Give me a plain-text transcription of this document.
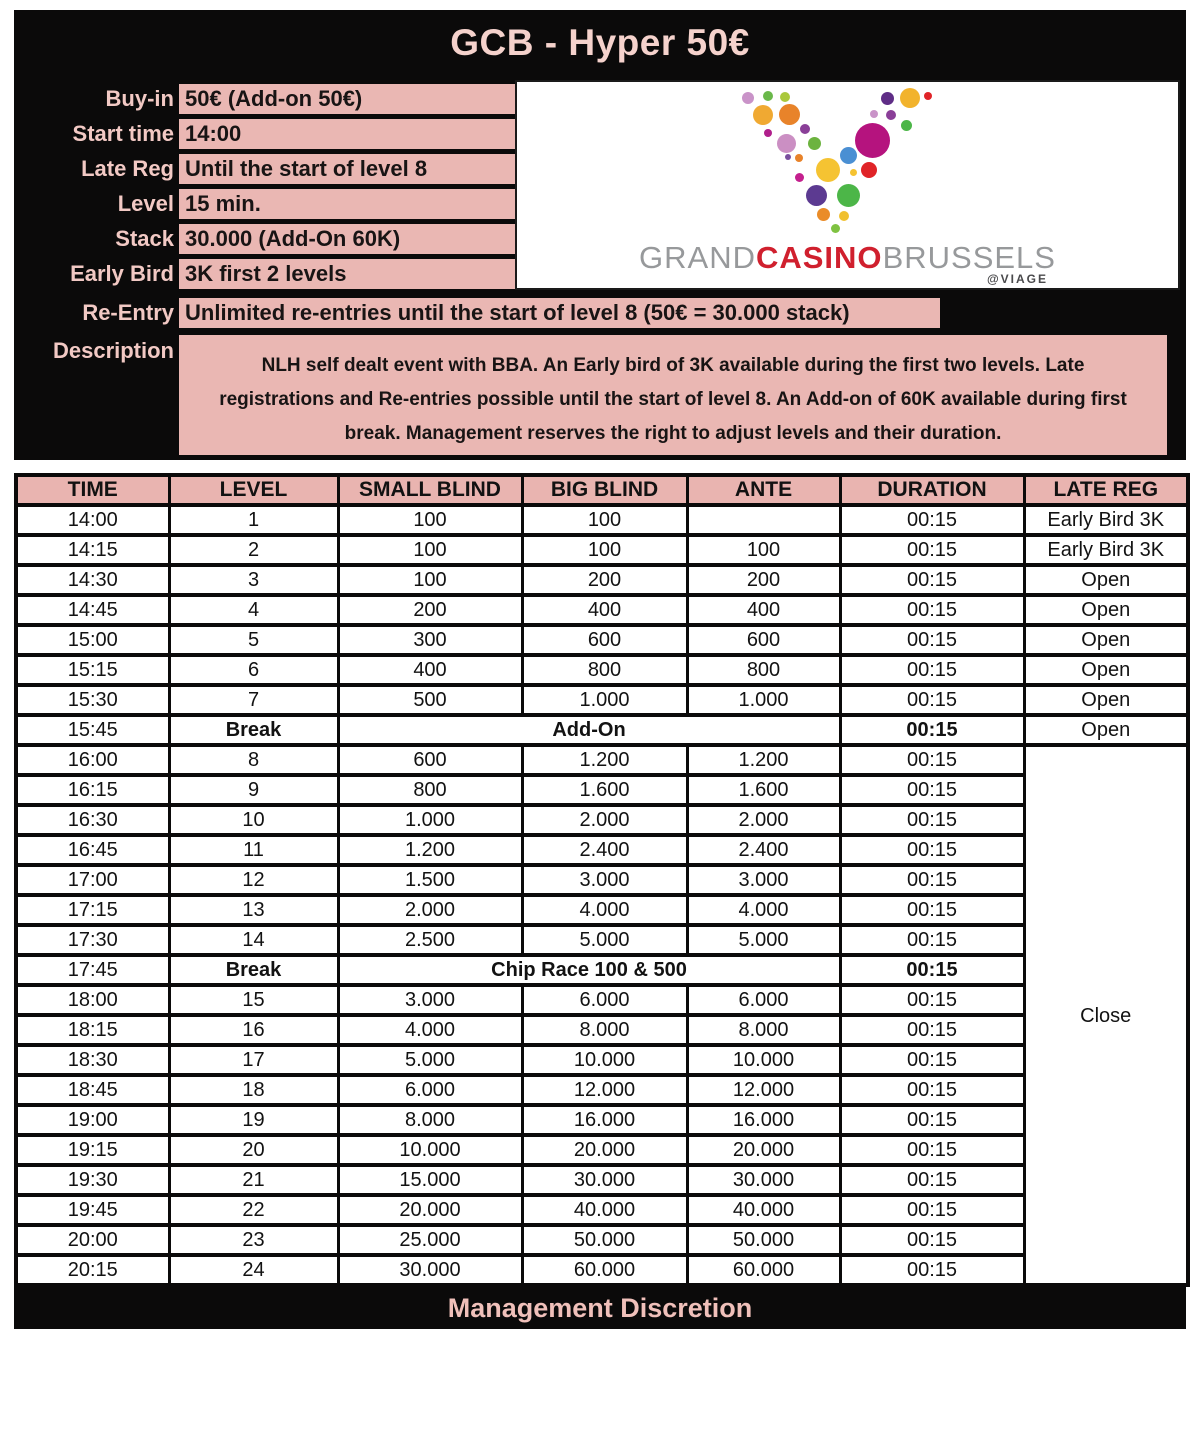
GCB - Hyper 50€
Buy-in 50€ (Add-on 50€)
Start time 14:00
Late Reg Until the start of level 8
Level 15 min.
Stack 30.000 (Add-On 60K)
Early Bird 3K first 2 levels
Re-Entry Unlimited re-entries until the start of level 8 (50€ = 30.000 stack)
Description
NLH self dealt event with BBA. An Early bird of 3K available during the first two levels. Late registrations and Re-entries possible until the start of level 8. An Add-on of 60K available during first break. Management reserves the right to adjust levels and their duration.
GRANDCASINOBRUSSELS
@VIAGE
TIME	LEVEL	SMALL BLIND	BIG BLIND	ANTE	DURATION	LATE REG
14:00	1	100	100		00:15	Early Bird 3K
14:15	2	100	100	100	00:15	Early Bird 3K
14:30	3	100	200	200	00:15	Open
14:45	4	200	400	400	00:15	Open
15:00	5	300	600	600	00:15	Open
15:15	6	400	800	800	00:15	Open
15:30	7	500	1.000	1.000	00:15	Open
15:45	Break	Add-On			00:15	Open
16:00	8	600	1.200	1.200	00:15	Close
16:15	9	800	1.600	1.600	00:15	
16:30	10	1.000	2.000	2.000	00:15	
16:45	11	1.200	2.400	2.400	00:15	
17:00	12	1.500	3.000	3.000	00:15	
17:15	13	2.000	4.000	4.000	00:15	
17:30	14	2.500	5.000	5.000	00:15	
17:45	Break	Chip Race 100 & 500			00:15	
18:00	15	3.000	6.000	6.000	00:15	
18:15	16	4.000	8.000	8.000	00:15	
18:30	17	5.000	10.000	10.000	00:15	
18:45	18	6.000	12.000	12.000	00:15	
19:00	19	8.000	16.000	16.000	00:15	
19:15	20	10.000	20.000	20.000	00:15	
19:30	21	15.000	30.000	30.000	00:15	
19:45	22	20.000	40.000	40.000	00:15	
20:00	23	25.000	50.000	50.000	00:15	
20:15	24	30.000	60.000	60.000	00:15	
Management Discretion
